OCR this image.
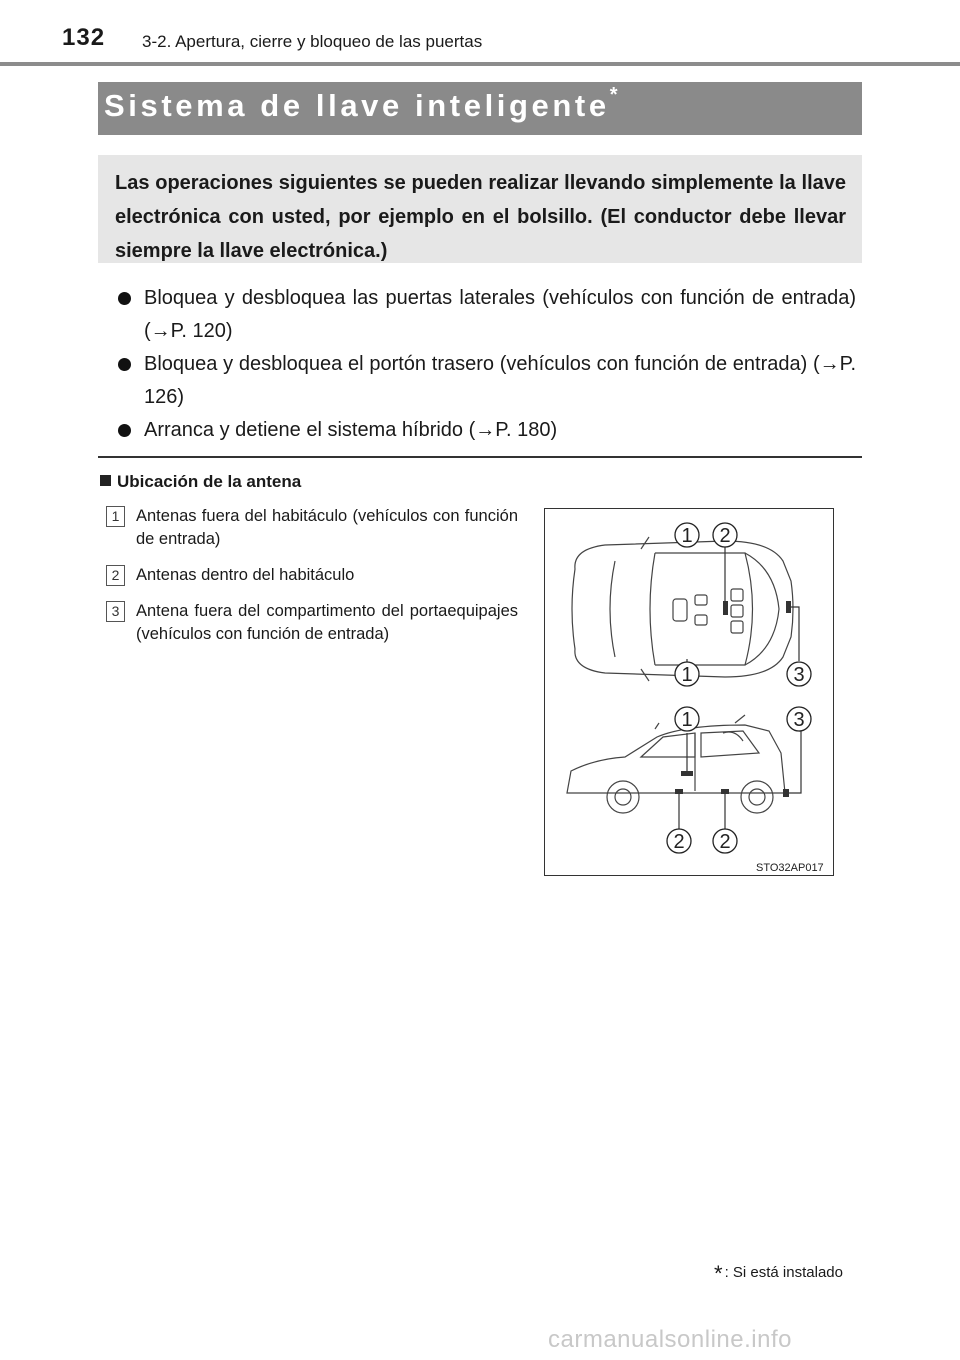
132 3-2. Apertura, cierre y bloqueo de las puertas
Sistema de llave inteligente*

Las operaciones siguientes se pueden realizar llevando simplemente la llave electrónica con usted, por ejemplo en el bolsillo. (El conductor debe llevar siempre la llave electrónica.)

Bloquea y desbloquea las puertas laterales (vehículos con función de entrada) (→P. 120)
Bloquea y desbloquea el portón trasero (vehículos con función de entrada) (→P. 126)
Arranca y detiene el sistema híbrido (→P. 180)
Ubicación de la antena
1	Antenas fuera del habitáculo (vehículos con función de entrada)
2	Antenas dentro del habitáculo
3	Antena fuera del compartimento del portaequipajes (vehículos con función de entrada)
1 2
1	3
1	3
2 2
STO32AP017
* : Si está instalado
carmanualsonline.info
